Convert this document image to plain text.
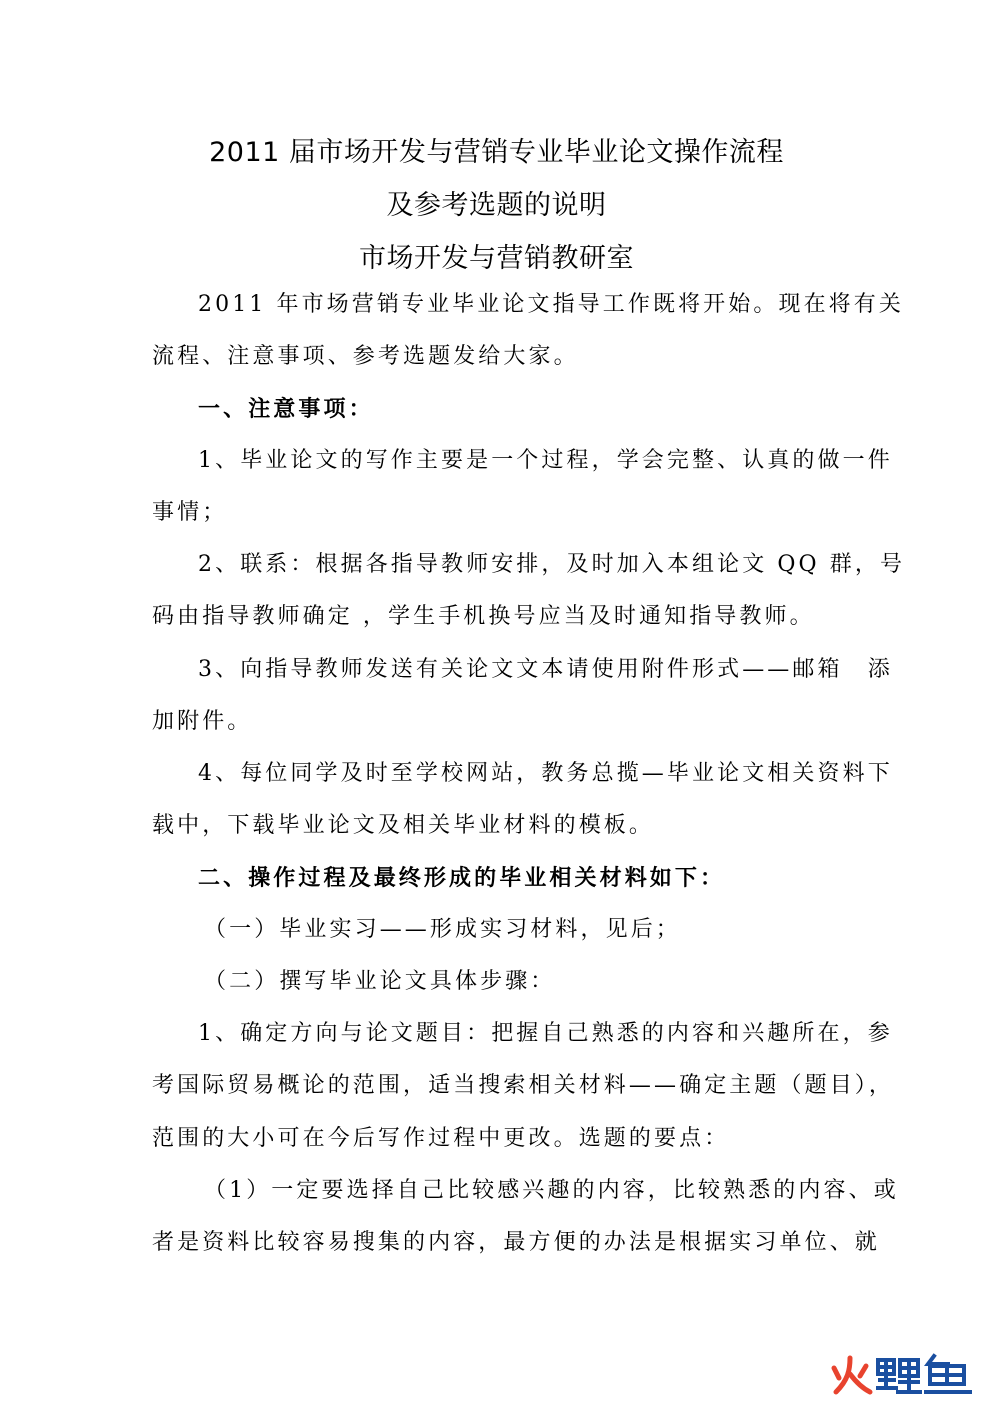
2011 届市场开发与营销专业毕业论文操作流程
及参考选题的说明
市场开发与营销教研室
2011 年市场营销专业毕业论文指导工作既将开始。现在将有关
流程、注意事项、参考选题发给大家。
一、注意事项：
1、毕业论文的写作主要是一个过程，学会完整、认真的做一件
事情；
2、联系：根据各指导教师安排，及时加入本组论文 QQ 群，号
码由指导教师确定 ，学生手机换号应当及时通知指导教师。
3、向指导教师发送有关论文文本请使用附件形式——邮箱　添
加附件。
4、每位同学及时至学校网站，教务总揽—毕业论文相关资料下
载中，下载毕业论文及相关毕业材料的模板。
二、操作过程及最终形成的毕业相关材料如下：
（一）毕业实习——形成实习材料，见后；
（二）撰写毕业论文具体步骤：
1、确定方向与论文题目：把握自己熟悉的内容和兴趣所在，参
考国际贸易概论的范围，适当搜索相关材料——确定主题（题目），
范围的大小可在今后写作过程中更改。选题的要点：
（1）一定要选择自己比较感兴趣的内容，比较熟悉的内容、或
者是资料比较容易搜集的内容，最方便的办法是根据实习单位、就
